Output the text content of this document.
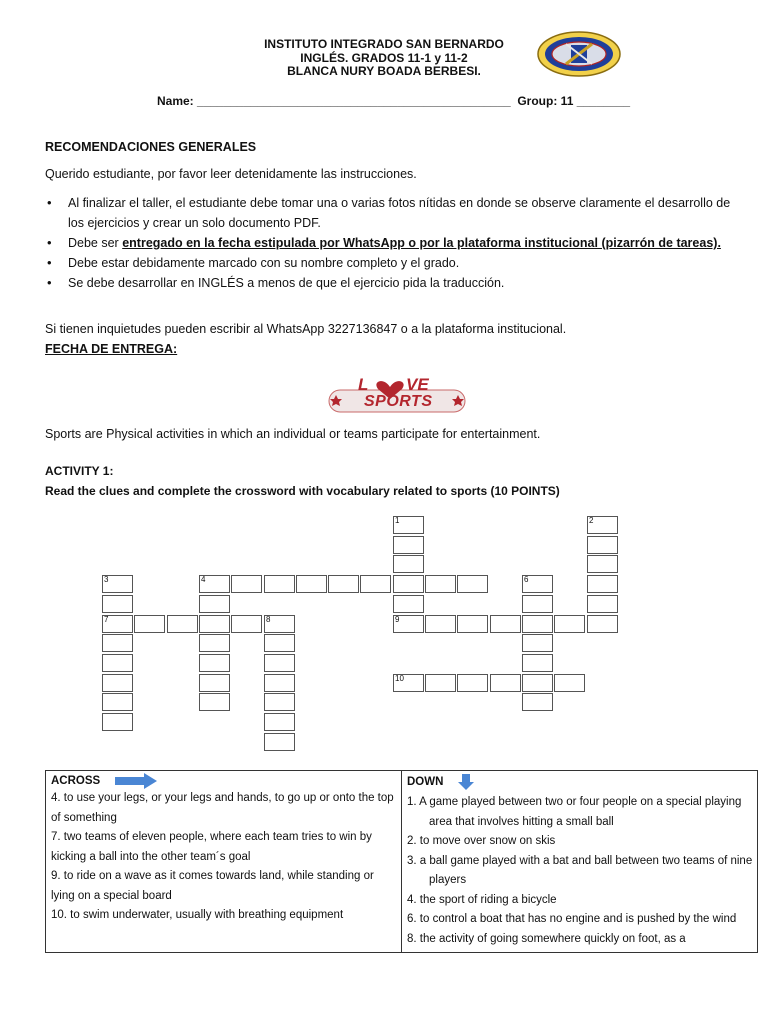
INSTITUTO INTEGRADO SAN BERNARDO
INGLÉS. GRADOS 11-1 y 11-2
BLANCA NURY BOADA BERBESI.
Name: _______________________________________________  Group: 11 ________
RECOMENDACIONES GENERALES
Querido estudiante, por favor leer detenidamente las instrucciones.
• Al finalizar el taller, el estudiante debe tomar una o varias fotos nítidas en donde se observe claramente el desarrollo de los ejercicios y crear un solo documento PDF.
• Debe ser entregado en la fecha estipulada por WhatsApp o por la plataforma institucional (pizarrón de tareas).
• Debe estar debidamente marcado con su nombre completo y el grado.
• Se debe desarrollar en INGLÉS a menos de que el ejercicio pida la traducción.
Si tienen inquietudes pueden escribir al WhatsApp 3227136847 o a la plataforma institucional.
FECHA DE ENTREGA:
L VE
SPORTS
Sports are Physical activities in which an individual or teams participate for entertainment.
ACTIVITY 1:
Read the clues and complete the crossword with vocabulary related to sports (10 POINTS)
1	2
3	4	6
7	8	9
10
ACROSS
4. to use your legs, or your legs and hands, to go up or onto the top of something
7. two teams of eleven people, where each team tries to win by kicking a ball into the other team´s goal
9. to ride on a wave as it comes towards land, while standing or lying on a special board
10. to swim underwater, usually with breathing equipment

DOWN
1. A game played between two or four people on a special playing area that involves hitting a small ball
2. to move over snow on skis
3. a ball game played with a bat and ball between two teams of nine players
4. the sport of riding a bicycle
6. to control a boat that has no engine and is pushed by the wind
8. the activity of going somewhere quickly on foot, as a
